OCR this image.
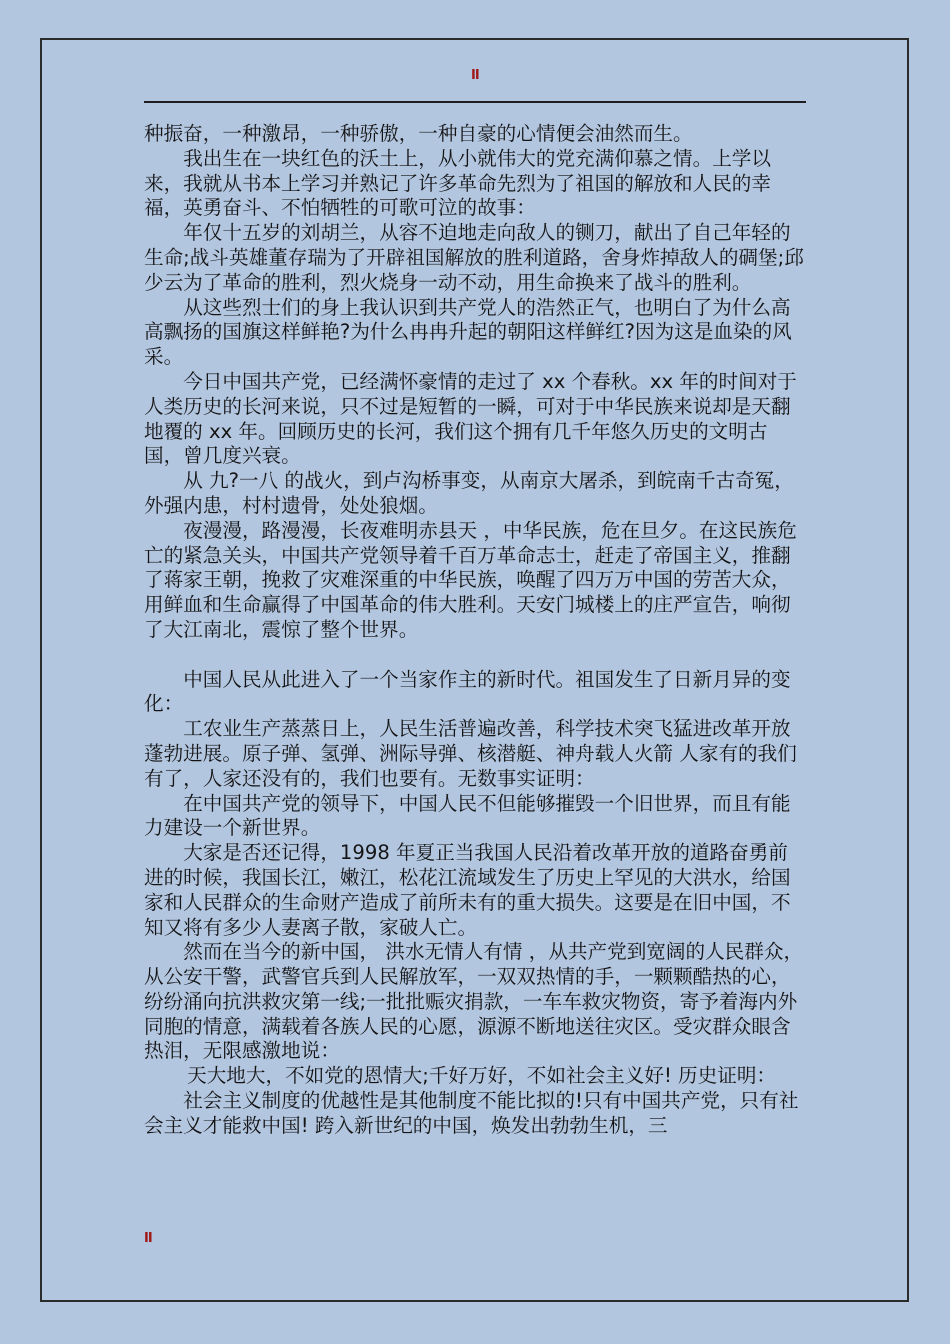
II

种振奋，一种激昂，一种骄傲，一种自豪的心情便会油然而生。

我出生在一块红色的沃土上，从小就伟大的党充满仰慕之情。上学以来，我就从书本上学习并熟记了许多革命先烈为了祖国的解放和人民的幸福，英勇奋斗、不怕牺牲的可歌可泣的故事：

年仅十五岁的刘胡兰，从容不迫地走向敌人的铡刀，献出了自己年轻的生命;战斗英雄董存瑞为了开辟祖国解放的胜利道路，舍身炸掉敌人的碉堡;邱少云为了革命的胜利，烈火烧身一动不动，用生命换来了战斗的胜利。

从这些烈士们的身上我认识到共产党人的浩然正气，也明白了为什么高高飘扬的国旗这样鲜艳?为什么冉冉升起的朝阳这样鲜红?因为这是血染的风采。

今日中国共产党，已经满怀豪情的走过了 xx 个春秋。xx 年的时间对于人类历史的长河来说，只不过是短暂的一瞬，可对于中华民族来说却是天翻地覆的 xx 年。回顾历史的长河，我们这个拥有几千年悠久历史的文明古国，曾几度兴衰。

从 九?一八 的战火，到卢沟桥事变，从南京大屠杀，到皖南千古奇冤，外强内患，村村遗骨，处处狼烟。

夜漫漫，路漫漫，长夜难明赤县天 ，中华民族，危在旦夕。在这民族危亡的紧急关头，中国共产党领导着千百万革命志士，赶走了帝国主义，推翻了蒋家王朝，挽救了灾难深重的中华民族，唤醒了四万万中国的劳苦大众，用鲜血和生命赢得了中国革命的伟大胜利。天安门城楼上的庄严宣告，响彻了大江南北，震惊了整个世界。

中国人民从此进入了一个当家作主的新时代。祖国发生了日新月异的变化：

工农业生产蒸蒸日上，人民生活普遍改善，科学技术突飞猛进改革开放蓬勃进展。原子弹、氢弹、洲际导弹、核潜艇、神舟载人火箭 人家有的我们有了，人家还没有的，我们也要有。无数事实证明：

在中国共产党的领导下，中国人民不但能够摧毁一个旧世界，而且有能力建设一个新世界。

大家是否还记得，1998 年夏正当我国人民沿着改革开放的道路奋勇前进的时候，我国长江，嫩江，松花江流域发生了历史上罕见的大洪水，给国家和人民群众的生命财产造成了前所未有的重大损失。这要是在旧中国，不知又将有多少人妻离子散，家破人亡。

然而在当今的新中国， 洪水无情人有情 ，从共产党到宽阔的人民群众，从公安干警，武警官兵到人民解放军，一双双热情的手，一颗颗酷热的心，纷纷涌向抗洪救灾第一线;一批批赈灾捐款，一车车救灾物资，寄予着海内外同胞的情意，满载着各族人民的心愿，源源不断地送往灾区。受灾群众眼含热泪，无限感激地说：

天大地大，不如党的恩情大;千好万好，不如社会主义好! 历史证明：

社会主义制度的优越性是其他制度不能比拟的!只有中国共产党，只有社会主义才能救中国! 跨入新世纪的中国，焕发出勃勃生机，三

II
